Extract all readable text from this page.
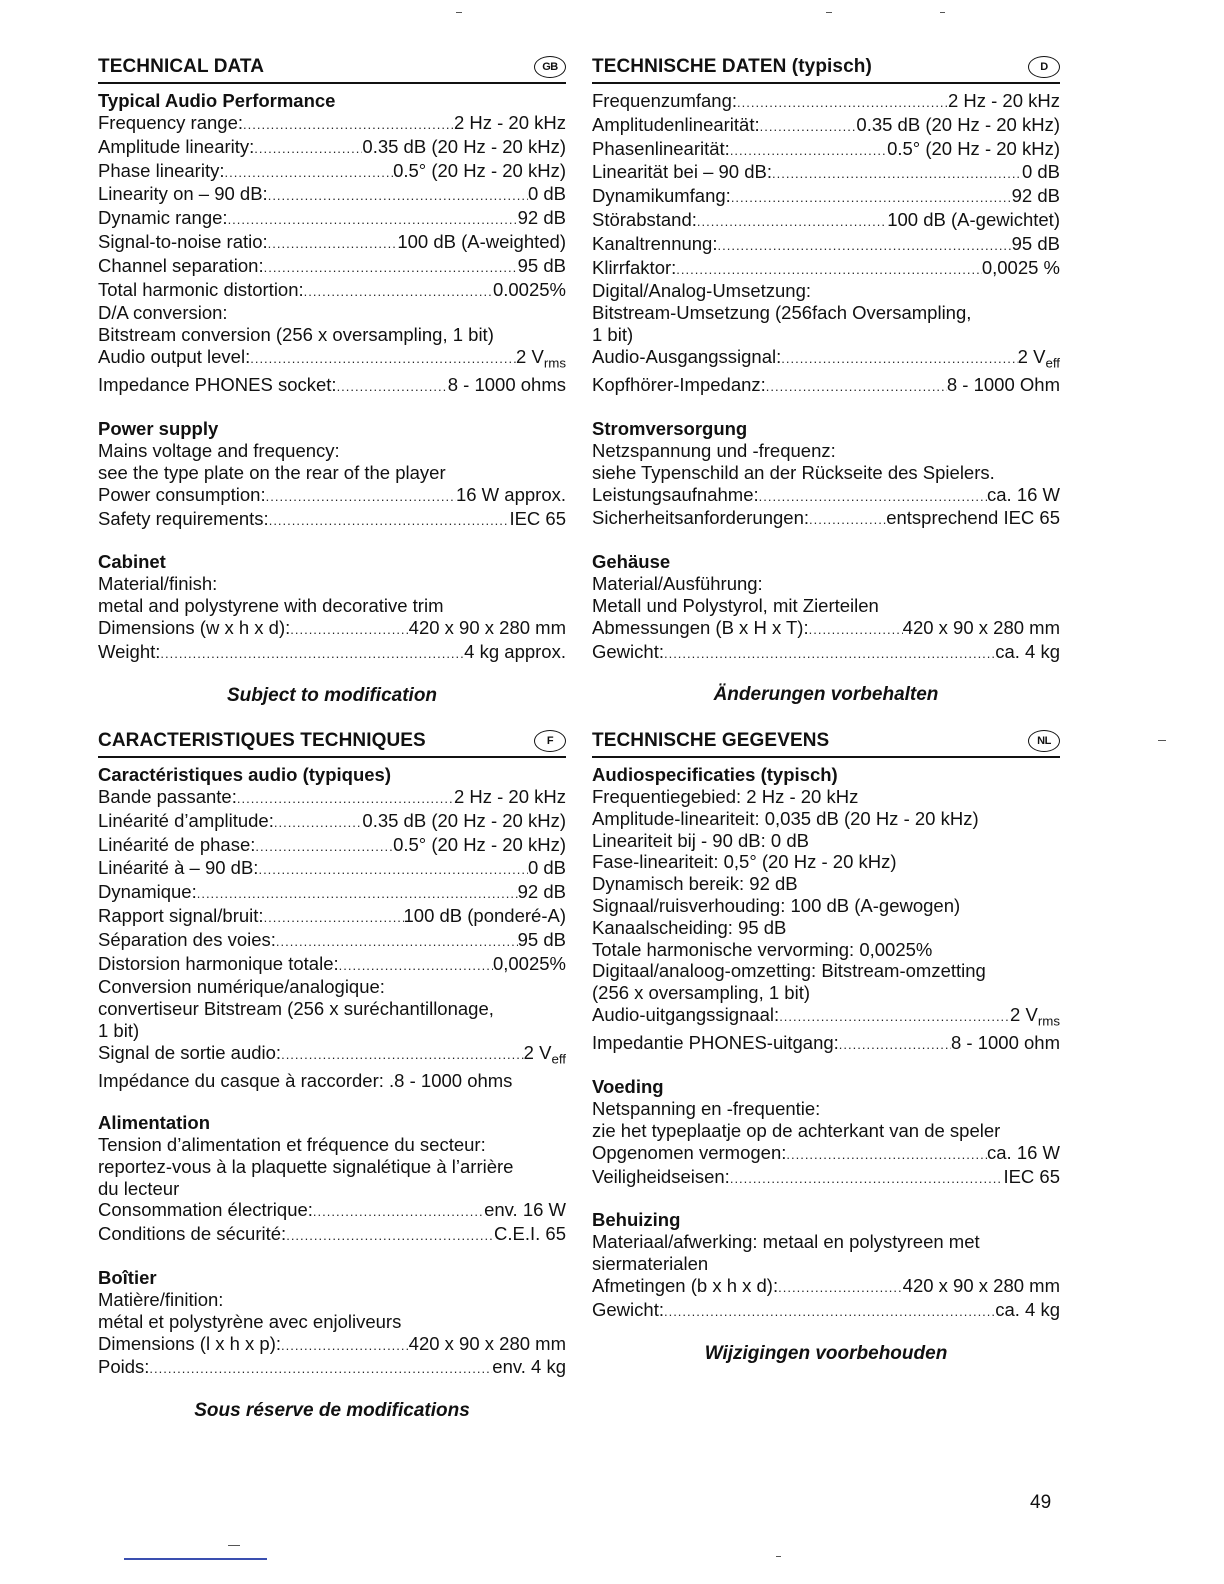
TECHNICAL DATA	GB
Typical Audio Performance
Frequency range: .....	2 Hz - 20 kHz
Amplitude linearity: .....	0.35 dB (20 Hz - 20 kHz)
Phase linearity: .....	0.5° (20 Hz - 20 kHz)
Linearity on – 90 dB: .....	0 dB
Dynamic range: .....	92 dB
Signal-to-noise ratio: .....	100 dB (A-weighted)
Channel separation: .....	95 dB
Total harmonic distortion: .....	0.0025%
D/A conversion:
Bitstream conversion (256 x oversampling, 1 bit)
Audio output level: .....	2 $V_{rms}$
Impedance PHONES socket: .....	8 - 1000 ohms
Power supply
Mains voltage and frequency:
see the type plate on the rear of the player
Power consumption: .....	16 W approx.
Safety requirements: .....	IEC 65
Cabinet
Material/finish:
metal and polystyrene with decorative trim
Dimensions (w x h x d): .....	420 x 90 x 280 mm
Weight: .....	4 kg approx.
Subject to modification
TECHNISCHE DATEN (typisch)	D
Frequenzumfang: .....	2 Hz - 20 kHz
Amplitudenlinearität: .....	0.35 dB (20 Hz - 20 kHz)
Phasenlinearität: .....	0.5° (20 Hz - 20 kHz)
Linearität bei – 90 dB: .....	0 dB
Dynamikumfang: .....	92 dB
Störabstand: .....	100 dB (A-gewichtet)
Kanaltrennung: .....	95 dB
Klirrfaktor: .....	0,0025 %
Digital/Analog-Umsetzung:
Bitstream-Umsetzung (256fach Oversampling,
1 bit)
Audio-Ausgangssignal: .....	2 $V_{eff}$
Kopfhörer-Impedanz: .....	8 - 1000 Ohm
Stromversorgung
Netzspannung und -frequenz:
siehe Typenschild an der Rückseite des Spielers.
Leistungsaufnahme: .....	ca. 16 W
Sicherheitsanforderungen: .....	entsprechend IEC 65
Gehäuse
Material/Ausführung:
Metall und Polystyrol, mit Zierteilen
Abmessungen (B x H x T): .....	420 x 90 x 280 mm
Gewicht: .....	ca. 4 kg
Änderungen vorbehalten
CARACTERISTIQUES TECHNIQUES	F
Caractéristiques audio (typiques)
Bande passante: .....	2 Hz - 20 kHz
Linéarité d’amplitude: .....	0.35 dB (20 Hz - 20 kHz)
Linéarité de phase: .....	0.5° (20 Hz - 20 kHz)
Linéarité à – 90 dB: .....	0 dB
Dynamique: .....	92 dB
Rapport signal/bruit: .....	100 dB (ponderé-A)
Séparation des voies: .....	95 dB
Distorsion harmonique totale: .....	0,0025%
Conversion numérique/analogique:
convertiseur Bitstream (256 x suréchantillonage,
1 bit)
Signal de sortie audio: .....	2 $V_{eff}$
Impédance du casque à raccorder: .8 - 1000 ohms
Alimentation
Tension d’alimentation et fréquence du secteur:
reportez-vous à la plaquette signalétique à l’arrière
du lecteur
Consommation électrique: .....	env. 16 W
Conditions de sécurité: .....	C.E.I. 65
Boîtier
Matière/finition:
métal et polystyrène avec enjoliveurs
Dimensions (l x h x p): .....	420 x 90 x 280 mm
Poids: .....	env. 4 kg
Sous réserve de modifications
TECHNISCHE GEGEVENS	NL
Audiospecificaties (typisch)
Frequentiegebied: 2 Hz - 20 kHz
Amplitude-lineariteit: 0,035 dB (20 Hz - 20 kHz)
Lineariteit bij - 90 dB: 0 dB
Fase-lineariteit: 0,5° (20 Hz - 20 kHz)
Dynamisch bereik: 92 dB
Signaal/ruisverhouding: 100 dB (A-gewogen)
Kanaalscheiding: 95 dB
Totale harmonische vervorming: 0,0025%
Digitaal/analoog-omzetting: Bitstream-omzetting
(256 x oversampling, 1 bit)
Audio-uitgangssignaal: .....	2 $V_{rms}$
Impedantie PHONES-uitgang: .....	8 - 1000 ohm
Voeding
Netspanning en -frequentie:
zie het typeplaatje op de achterkant van de speler
Opgenomen vermogen: .....	ca. 16 W
Veiligheidseisen: .....	IEC 65
Behuizing
Materiaal/afwerking: metaal en polystyreen met
siermaterialen
Afmetingen (b x h x d): .....	420 x 90 x 280 mm
Gewicht: .....	ca. 4 kg
Wijzigingen voorbehouden
49
